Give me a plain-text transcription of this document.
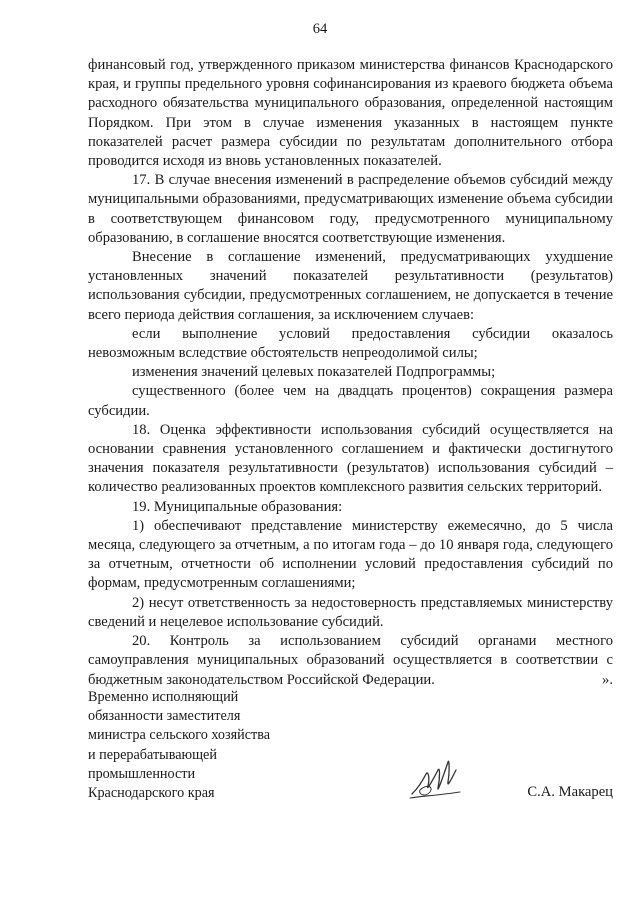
64

финансовый год, утвержденного приказом министерства финансов Краснодарского края, и группы предельного уровня софинансирования из краевого бюджета объема расходного обязательства муниципального образования, определенной настоящим Порядком. При этом в случае изменения указанных в настоящем пункте показателей расчет размера субсидии по результатам дополнительного отбора проводится исходя из вновь установленных показателей.

17. В случае внесения изменений в распределение объемов субсидий между муниципальными образованиями, предусматривающих изменение объема субсидии в соответствующем финансовом году, предусмотренного муниципальному образованию, в соглашение вносятся соответствующие изменения.

Внесение в соглашение изменений, предусматривающих ухудшение установленных значений показателей результативности (результатов) использования субсидии, предусмотренных соглашением, не допускается в течение всего периода действия соглашения, за исключением случаев:

если выполнение условий предоставления субсидии оказалось невозможным вследствие обстоятельств непреодолимой силы;

изменения значений целевых показателей Подпрограммы;

существенного (более чем на двадцать процентов) сокращения размера субсидии.

18. Оценка эффективности использования субсидий осуществляется на основании сравнения установленного соглашением и фактически достигнутого значения показателя результативности (результатов) использования субсидий – количество реализованных проектов комплексного развития сельских территорий.

19. Муниципальные образования:

1) обеспечивают представление министерству ежемесячно, до 5 числа месяца, следующего за отчетным, а по итогам года – до 10 января года, следующего за отчетным, отчетности об исполнении условий предоставления субсидий по формам, предусмотренным соглашениями;

2) несут ответственность за недостоверность представляемых министерству сведений и нецелевое использование субсидий.

20. Контроль за использованием субсидий органами местного самоуправления муниципальных образований осуществляется в соответствии с бюджетным законодательством Российской Федерации.	».

Временно исполняющий
обязанности заместителя
министра сельского хозяйства
и перерабатывающей
промышленности
Краснодарского края	С.А. Макарец
